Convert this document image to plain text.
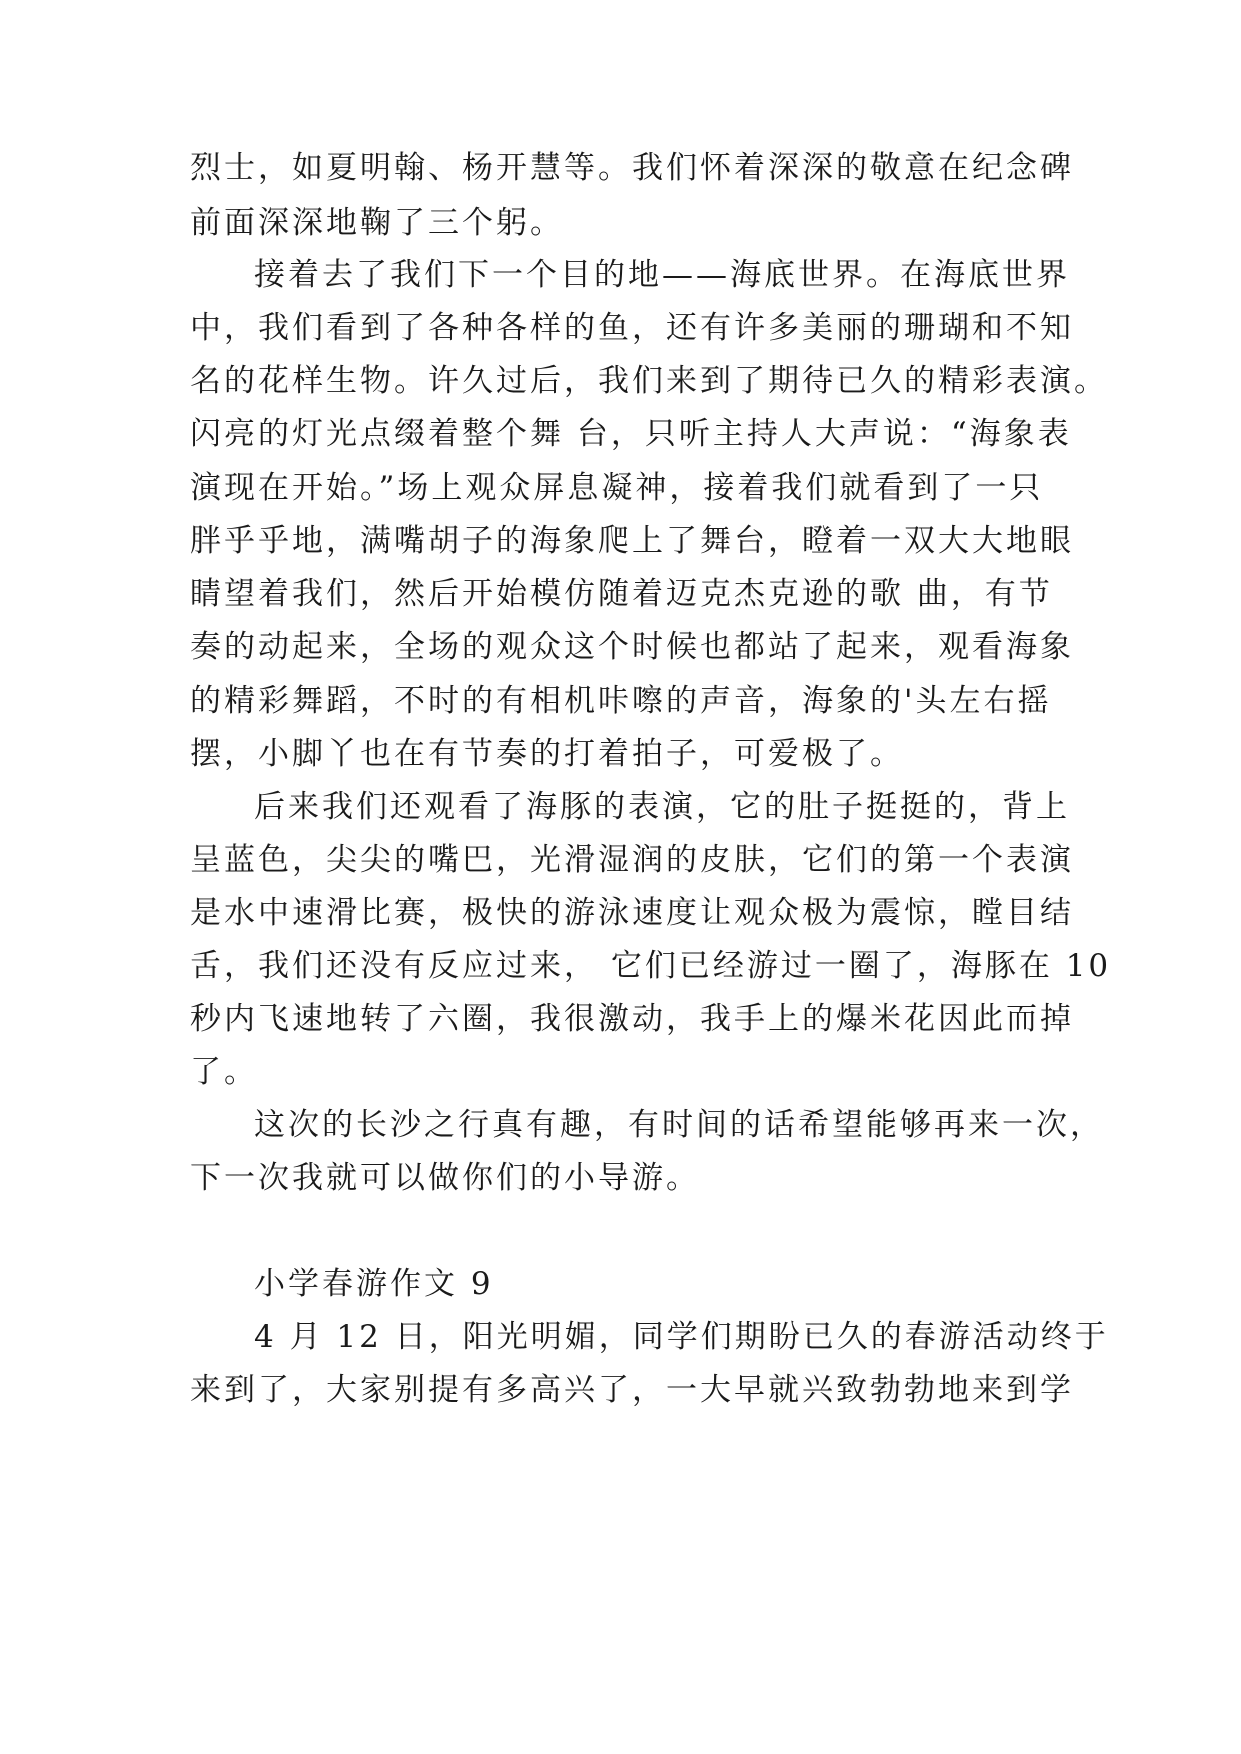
烈士，如夏明翰、杨开慧等。我们怀着深深的敬意在纪念碑
前面深深地鞠了三个躬。
接着去了我们下一个目的地——海底世界。在海底世界
中，我们看到了各种各样的鱼，还有许多美丽的珊瑚和不知
名的花样生物。许久过后，我们来到了期待已久的精彩表演。
闪亮的灯光点缀着整个舞 台，只听主持人大声说：“海象表
演现在开始。”场上观众屏息凝神，接着我们就看到了一只
胖乎乎地，满嘴胡子的海象爬上了舞台，瞪着一双大大地眼
睛望着我们，然后开始模仿随着迈克杰克逊的歌 曲，有节
奏的动起来，全场的观众这个时候也都站了起来，观看海象
的精彩舞蹈，不时的有相机咔嚓的声音，海象的'头左右摇
摆，小脚丫也在有节奏的打着拍子，可爱极了。
后来我们还观看了海豚的表演，它的肚子挺挺的，背上
呈蓝色，尖尖的嘴巴，光滑湿润的皮肤，它们的第一个表演
是水中速滑比赛，极快的游泳速度让观众极为震惊，瞠目结
舌，我们还没有反应过来， 它们已经游过一圈了，海豚在 10
秒内飞速地转了六圈，我很激动，我手上的爆米花因此而掉
了。
这次的长沙之行真有趣，有时间的话希望能够再来一次，
下一次我就可以做你们的小导游。
小学春游作文 9
4 月 12 日，阳光明媚，同学们期盼已久的春游活动终于
来到了，大家别提有多高兴了，一大早就兴致勃勃地来到学
